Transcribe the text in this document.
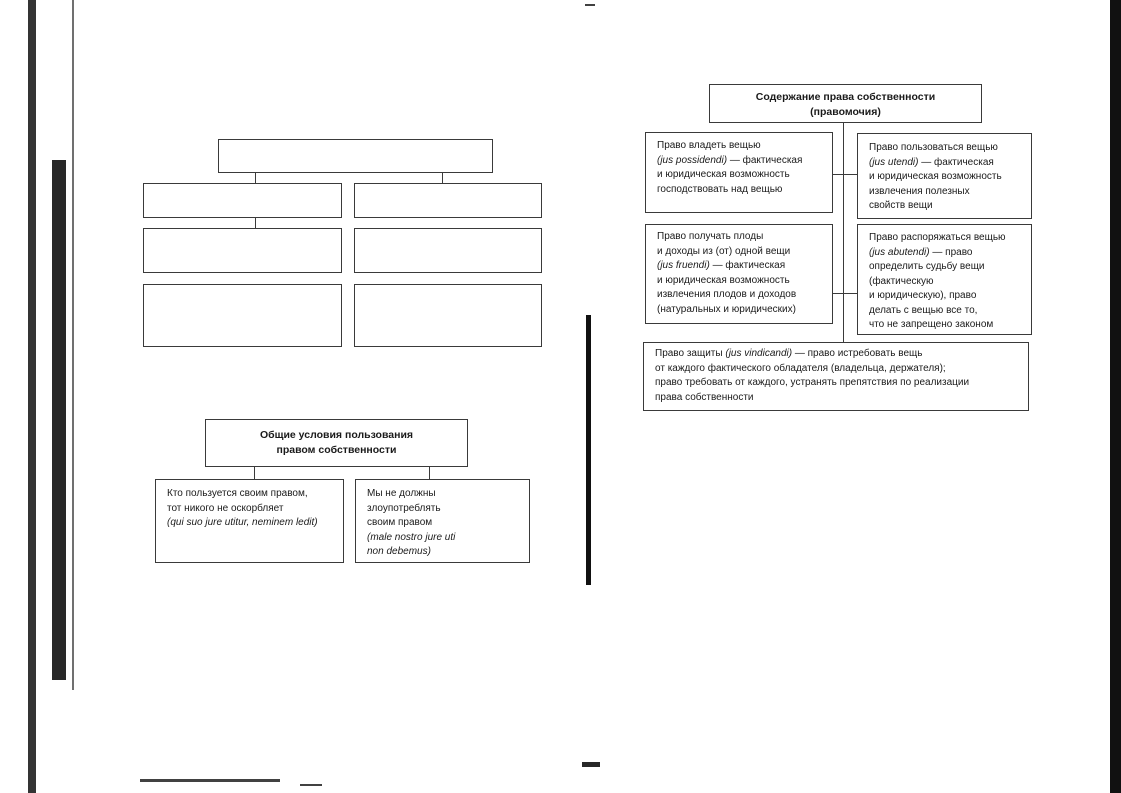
Общие условия пользования
правом собственности
Кто пользуется своим правом,
тот никого не оскорбляет
(qui suo jure utitur, neminem ledit)
Мы не должны
злоупотреблять
своим правом
(male nostro jure uti
non debemus)
Содержание права собственности
(правомочия)
Право владеть вещью
(jus possidendi) — фактическая
и юридическая возможность
господствовать над вещью
Право пользоваться вещью
(jus utendi) — фактическая
и юридическая возможность
извлечения полезных
свойств вещи
Право получать плоды
и доходы из (от) одной вещи
(jus fruendi) — фактическая
и юридическая возможность
извлечения плодов и доходов
(натуральных и юридических)
Право распоряжаться вещью
(jus abutendi) — право
определить судьбу вещи
(фактическую
и юридическую), право
делать с вещью все то,
что не запрещено законом
Право защиты (jus vindicandi) — право истребовать вещь
от каждого фактического обладателя (владельца, держателя);
право требовать от каждого, устранять препятствия по реализации
права собственности
